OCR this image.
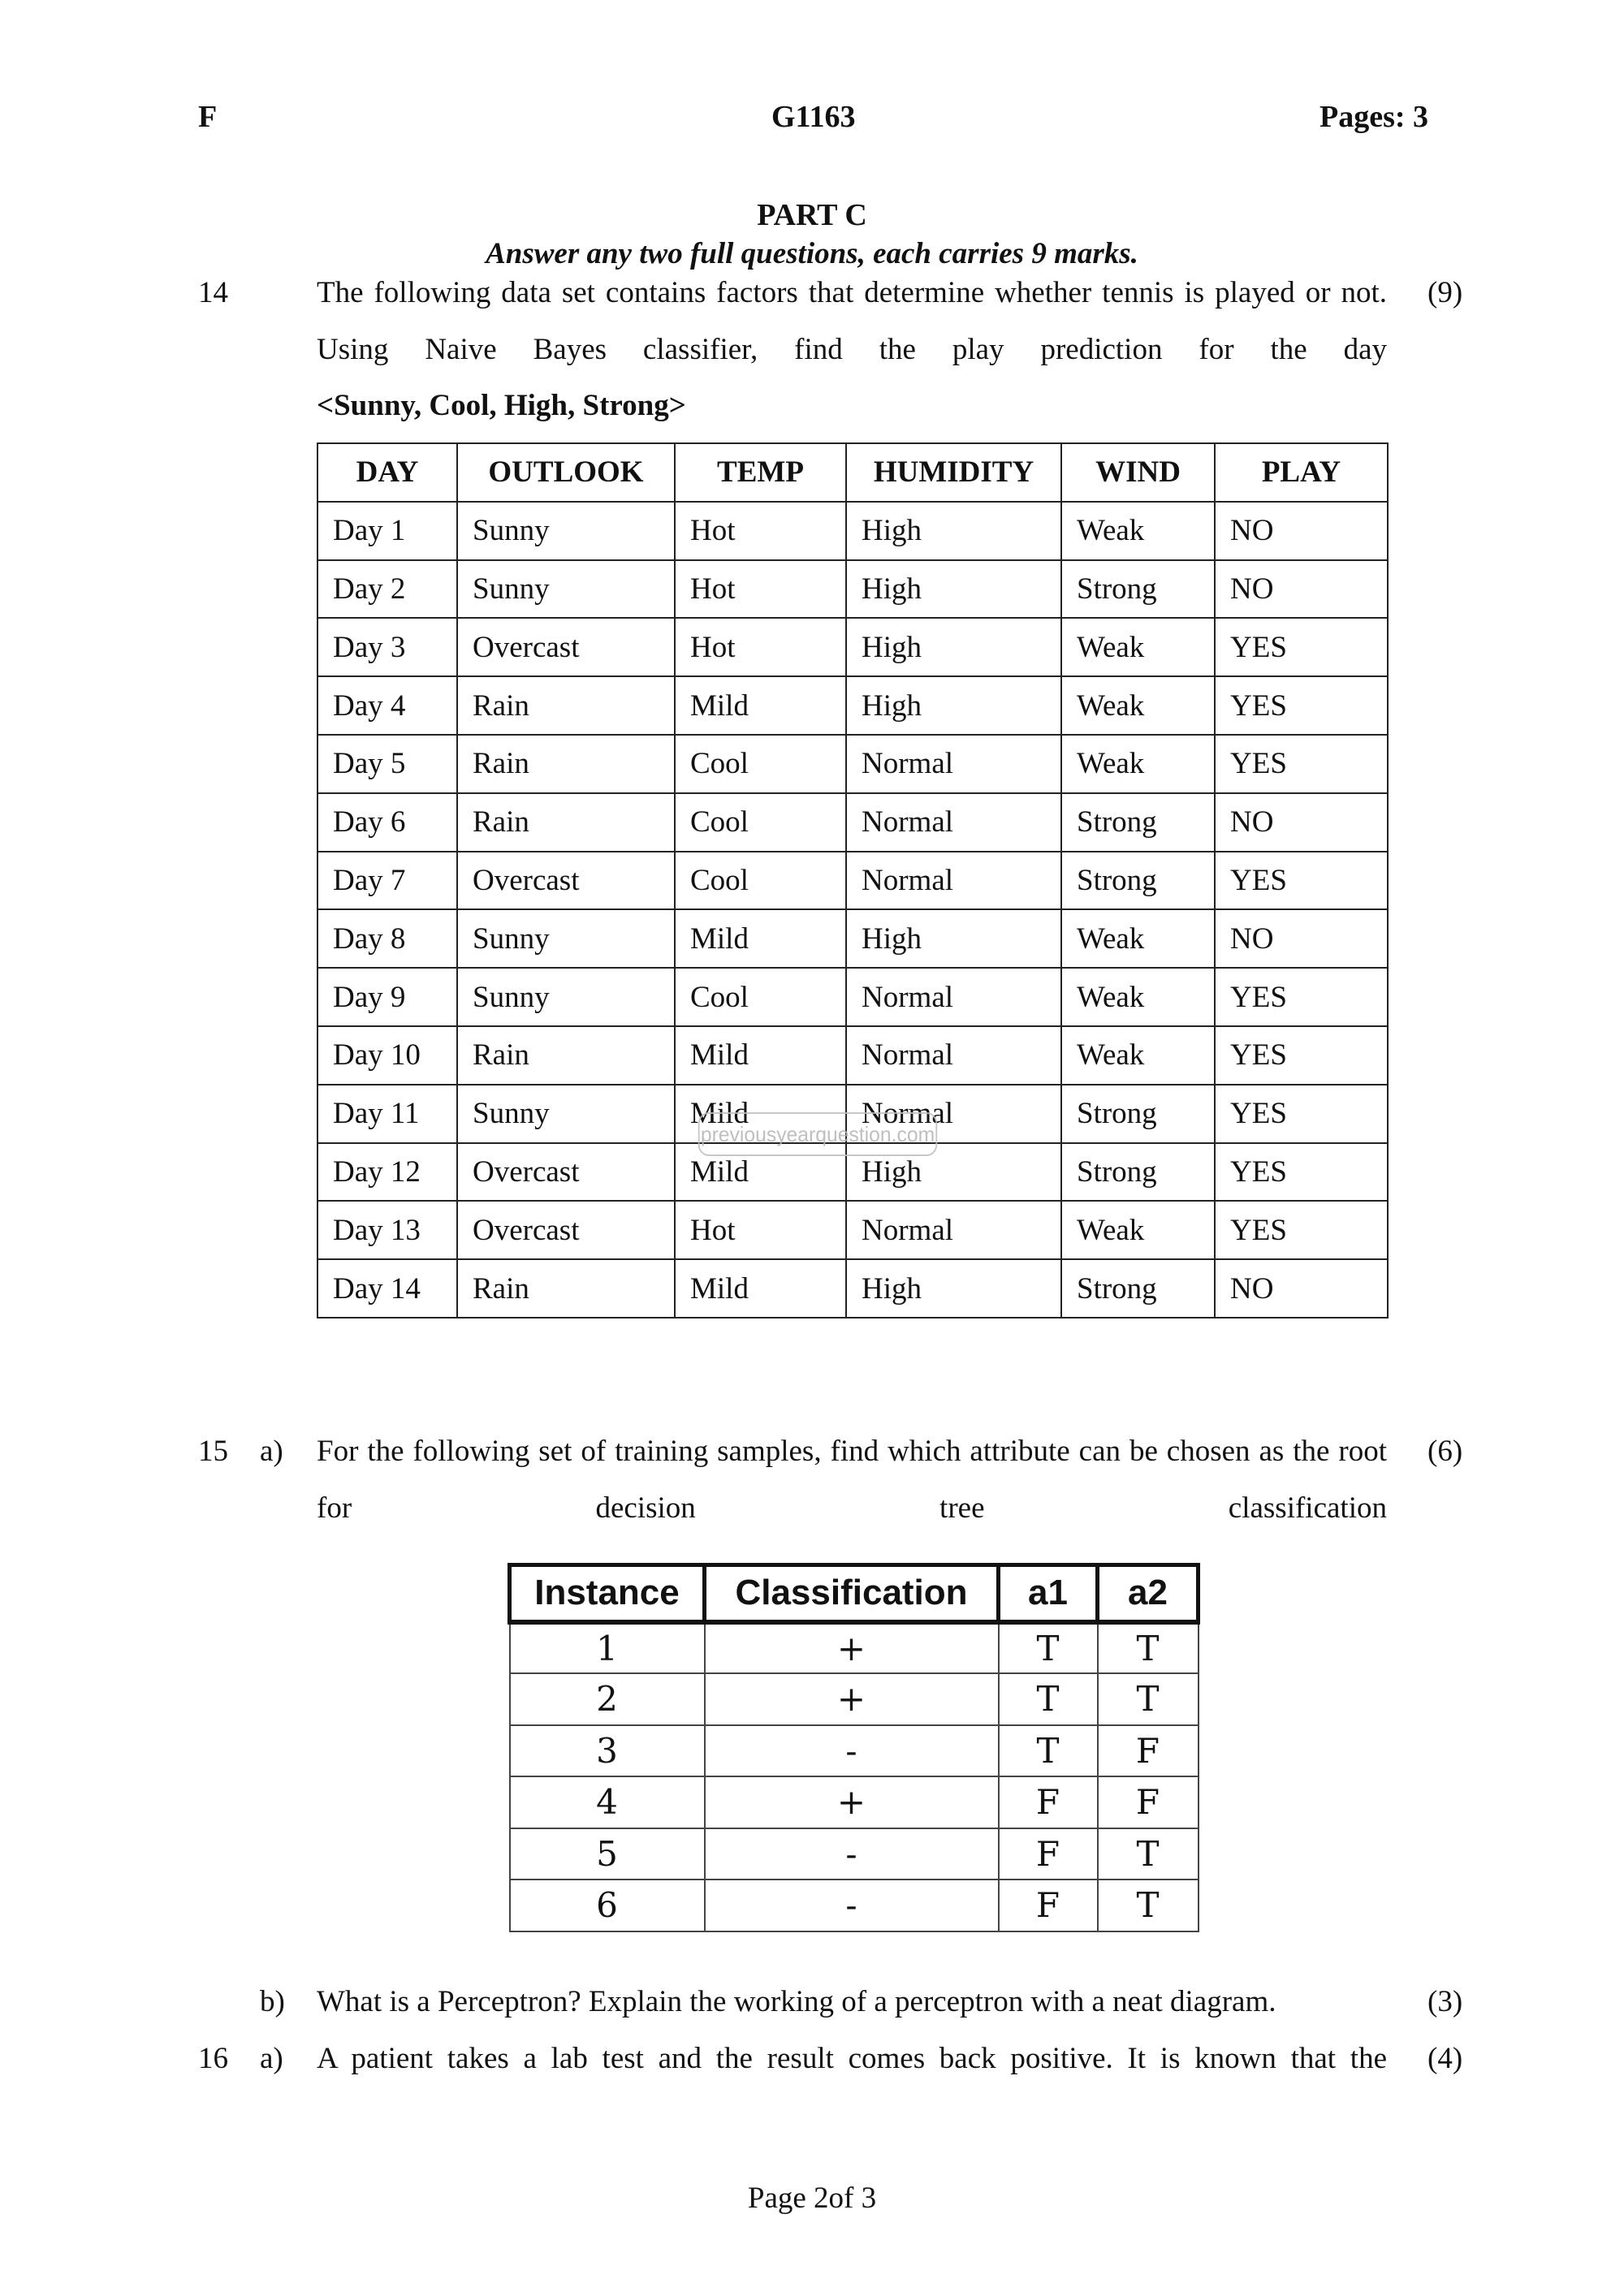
F	G1163	Pages: 3
PART C
Answer any two full questions, each carries 9 marks.
14	(9)
The following data set contains factors that determine whether tennis is played or not. Using Naive Bayes classifier, find the play prediction for the day
<Sunny, Cool, High, Strong>
DAY	OUTLOOK	TEMP	HUMIDITY	WIND	PLAY
Day 1	Sunny	Hot	High	Weak	NO
Day 2	Sunny	Hot	High	Strong	NO
Day 3	Overcast	Hot	High	Weak	YES
Day 4	Rain	Mild	High	Weak	YES
Day 5	Rain	Cool	Normal	Weak	YES
Day 6	Rain	Cool	Normal	Strong	NO
Day 7	Overcast	Cool	Normal	Strong	YES
Day 8	Sunny	Mild	High	Weak	NO
Day 9	Sunny	Cool	Normal	Weak	YES
Day 10	Rain	Mild	Normal	Weak	YES
Day 11	Sunny	Mild	Normal	Strong	YES
Day 12	Overcast	Mild	High	Strong	YES
Day 13	Overcast	Hot	Normal	Weak	YES
Day 14	Rain	Mild	High	Strong	NO
previousyearquestion.com
15 a)	(6)
For the following set of training samples, find which attribute can be chosen as the root for decision tree classification
Instance	Classification	a1	a2
1	+	T	T
2	+	T	T
3	-	T	F
4	+	F	F
5	-	F	T
6	-	F	T
b) What is a Perceptron? Explain the working of a perceptron with a neat diagram.	(3)
16 a) A patient takes a lab test and the result comes back positive. It is known that the (4)
Page 2of 3
